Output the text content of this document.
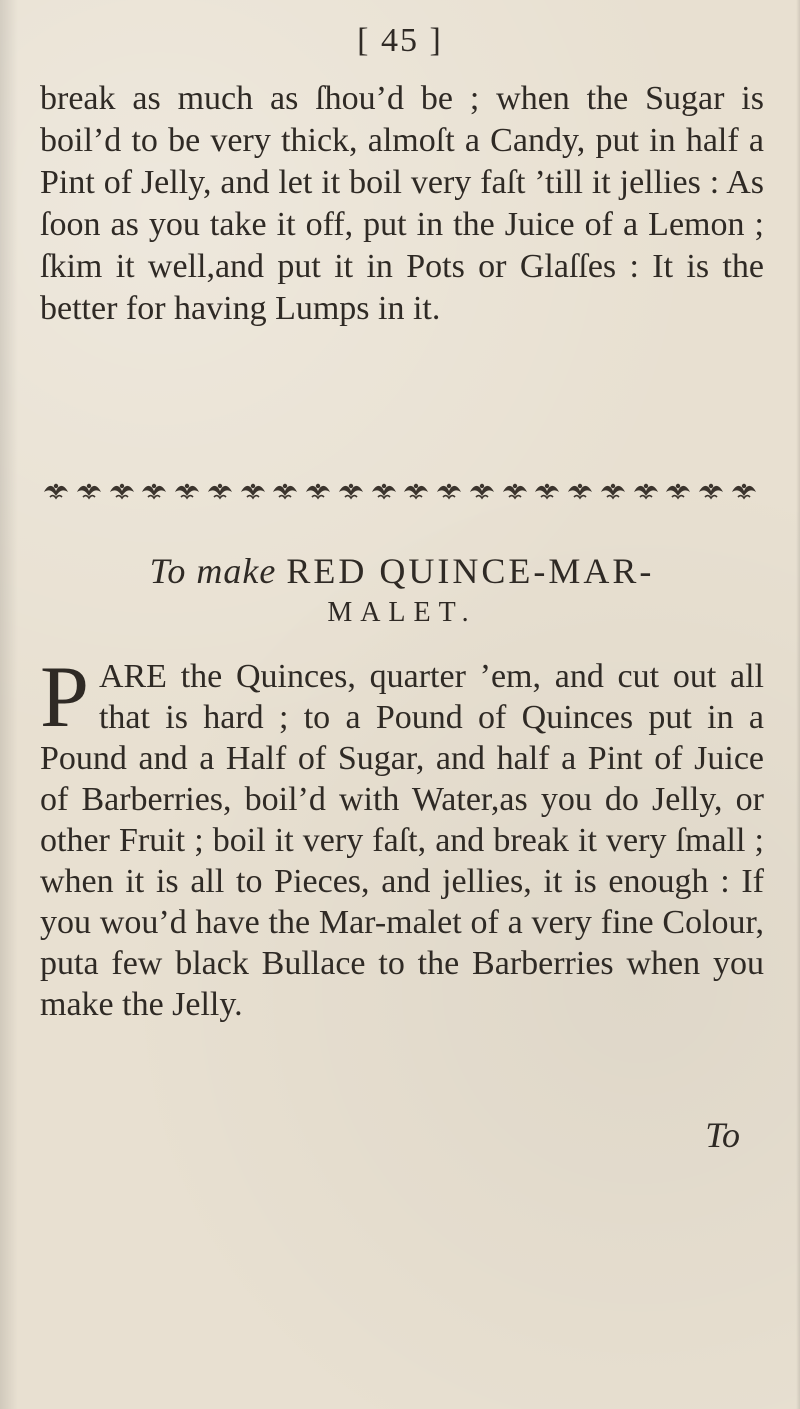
[ 45 ]
break as much as ſhou’d be ; when the Sugar is boil’d to be very thick, almoſt a Candy, put in half a Pint of Jelly, and let it boil very faſt ’till it jellies : As ſoon as you take it off, put in the Juice of a Lemon ; ſkim it well,and put it in Pots or Glaſſes : It is the better for having Lumps in it.
To make RED QUINCE-MAR-
MALET.
P ARE the Quinces, quarter ’em, and cut out all that is hard ; to a Pound of Quinces put in a Pound and a Half of Sugar, and half a Pint of Juice of Barberries, boil’d with Water,as you do Jelly, or other Fruit ; boil it very faſt, and break it very ſmall ; when it is all to Pieces, and jellies, it is enough : If you wou’d have the Mar-malet of a very fine Colour, puta few black Bullace to the Barberries when you make the Jelly.
To
